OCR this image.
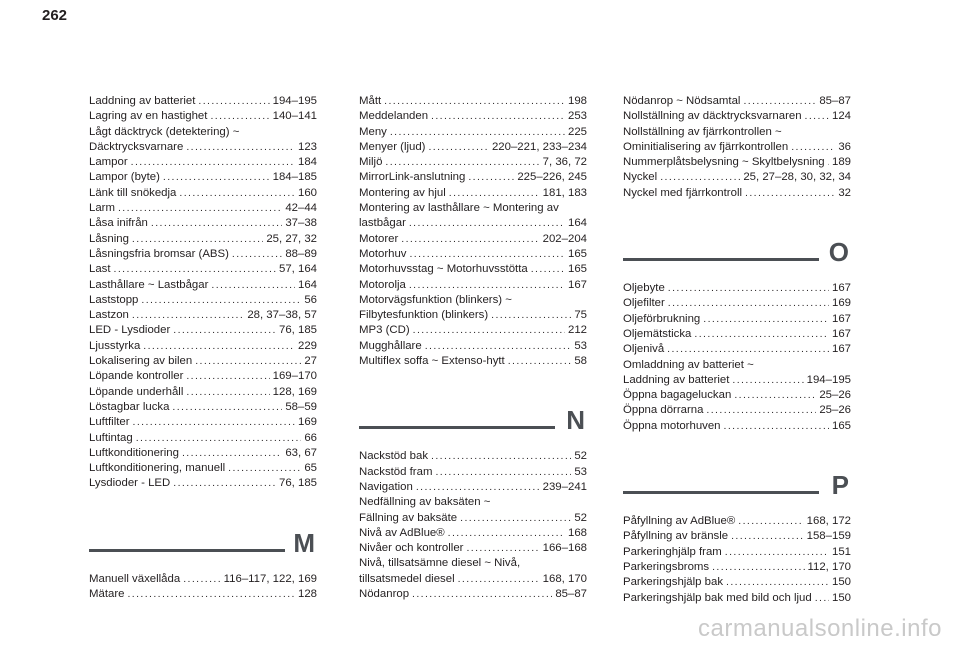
262
Laddning av batteriet .....	194–195
Lagring av en hastighet .....	140–141
Lågt däcktryck (detektering) ~
Däcktrycksvarnare .....	123
Lampor .....	184
Lampor (byte) .....	184–185
Länk till snökedja .....	160
Larm .....	42–44
Låsa inifrån .....	37–38
Låsning .....	25, 27, 32
Låsningsfria bromsar (ABS) .....	88–89
Last .....	57, 164
Lasthållare ~ Lastbågar .....	164
Laststopp .....	56
Lastzon .....	28, 37–38, 57
LED - Lysdioder .....	76, 185
Ljusstyrka .....	229
Lokalisering av bilen .....	27
Löpande kontroller .....	169–170
Löpande underhåll .....	128, 169
Löstagbar lucka .....	58–59
Luftfilter .....	169
Luftintag .....	66
Luftkonditionering .....	63, 67
Luftkonditionering, manuell .....	65
Lysdioder - LED .....	76, 185
M
Manuell växellåda .....	116–117, 122, 169
Mätare .....	128
Mått .....	198
Meddelanden .....	253
Meny .....	225
Menyer (ljud) .....	220–221, 233–234
Miljö .....	7, 36, 72
MirrorLink-anslutning .....	225–226, 245
Montering av hjul .....	181, 183
Montering av lasthållare ~ Montering av
lastbågar .....	164
Motorer .....	202–204
Motorhuv .....	165
Motorhuvsstag ~ Motorhuvsstötta .....	165
Motorolja .....	167
Motorvägsfunktion (blinkers) ~
Filbytesfunktion (blinkers) .....	75
MP3 (CD) .....	212
Mugghållare .....	53
Multiflex soffa ~ Extenso-hytt .....	58
N
Nackstöd bak .....	52
Nackstöd fram .....	53
Navigation .....	239–241
Nedfällning av baksäten ~
Fällning av baksäte .....	52
Nivå av AdBlue® .....	168
Nivåer och kontroller .....	166–168
Nivå, tillsatsämne diesel ~ Nivå,
tillsatsmedel diesel .....	168, 170
Nödanrop .....	85–87
Nödanrop ~ Nödsamtal .....	85–87
Nollställning av däcktrycksvarnaren .....	124
Nollställning av fjärrkontrollen ~
Ominitialisering av fjärrkontrollen .....	36
Nummerplåtsbelysning ~ Skyltbelysning ..... 189
Nyckel .....	25, 27–28, 30, 32, 34
Nyckel med fjärrkontroll .....	32
O
Oljebyte .....	167
Oljefilter .....	169
Oljeförbrukning .....	167
Oljemätsticka .....	167
Oljenivå .....	167
Omladdning av batteriet ~
Laddning av batteriet .....	194–195
Öppna bagageluckan .....	25–26
Öppna dörrarna .....	25–26
Öppna motorhuven .....	165
P
Påfyllning av AdBlue® .....	168, 172
Påfyllning av bränsle .....	158–159
Parkeringhjälp fram .....	151
Parkeringsbroms .....	112, 170
Parkeringshjälp bak .....	150
Parkeringshjälp bak med bild och ljud ..... 150
carmanualsonline.info
